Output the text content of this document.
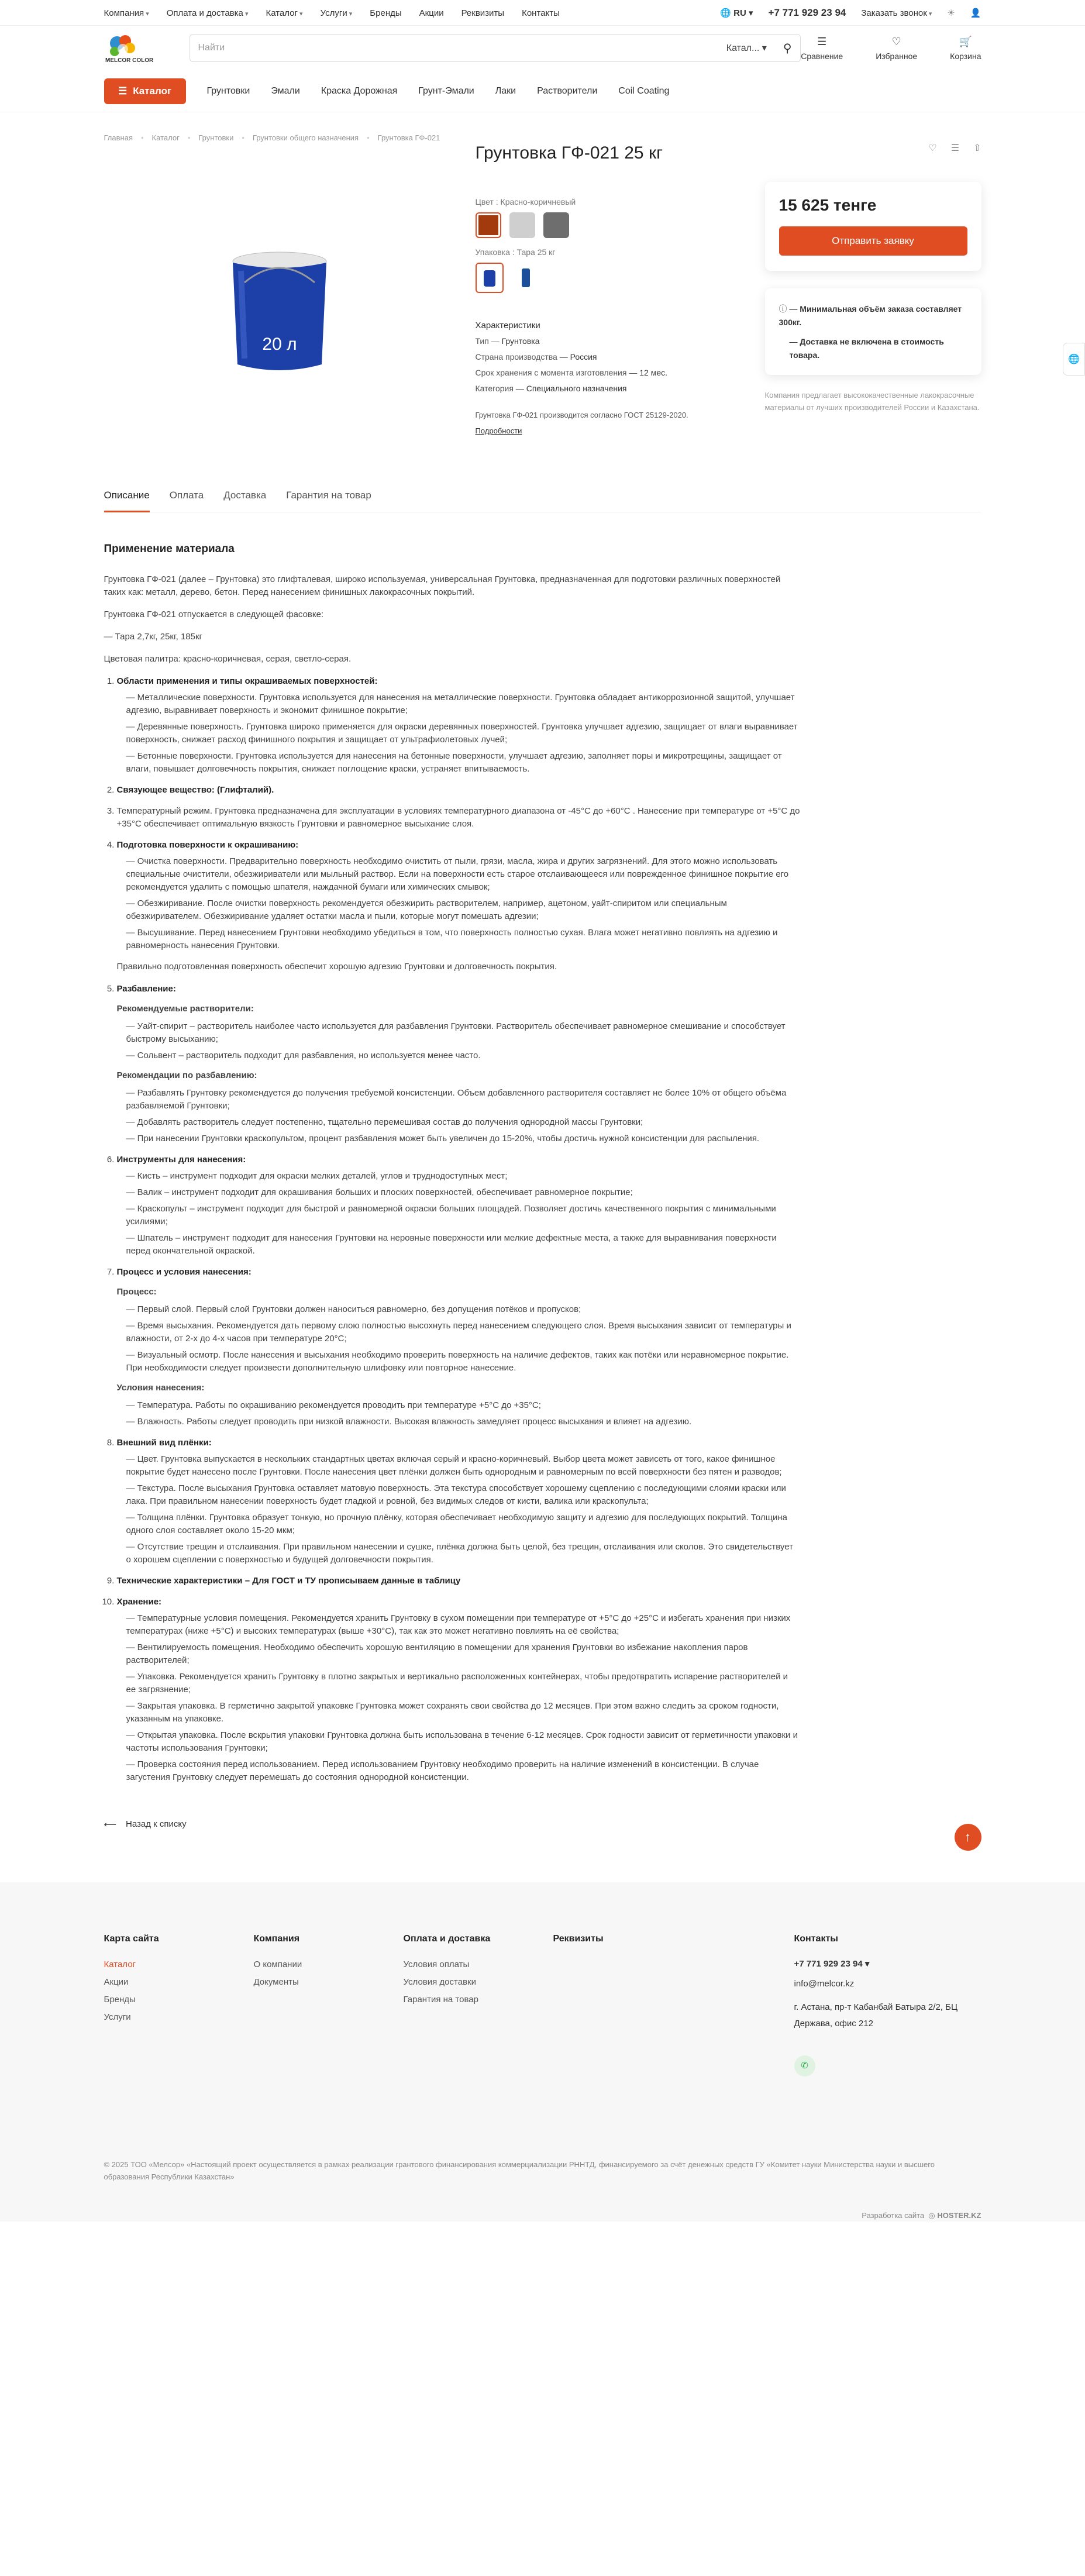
Компания ▾	Оплата и доставка ▾	Каталог ▾	Услуги ▾	Бренды Акции Реквизиты Контакты	🌐 RU ▾ +7 771 929 23 94 Заказать звонок ▾	☀ 👤
MELCOR COLOR
Найти	Катал... ▾ ⚲
☰
Сравнение
♡
Избранное
🛒
Корзина
☰ Каталог	Грунтовки Эмали Краска Дорожная Грунт-Эмали Лаки Растворители Coil Coating
🌐
Главная • Каталог • Грунтовки • Грунтовки общего назначения • Грунтовка ГФ-021
20 л
Грунтовка ГФ-021 25 кг
Цвет : Красно-коричневый
Упаковка : Тара 25 кг
Характеристики
Тип — Грунтовка
Страна производства — Россия
Срок хранения с момента изготовления — 12 мес.
Категория — Специального назначения
Грунтовка ГФ-021 производится согласно ГОСТ 25129-2020.
Подробности
♡ ☰ ⇧
15 625 тенге
Отправить заявку
ⓘ — Минимальная объём заказа составляет 300кг.
— Доставка не включена в стоимость товара.
Компания предлагает высококачественные лакокрасочные материалы от лучших производителей России и Казахстана.
Описание Оплата Доставка Гарантия на товар
Применение материала

Грунтовка ГФ-021 (далее – Грунтовка) это глифталевая, широко используемая, универсальная Грунтовка, предназначенная для подготовки различных поверхностей таких как: металл, дерево, бетон. Перед нанесением финишных лакокрасочных покрытий.

Грунтовка ГФ-021 отпускается в следующей фасовке:

— Тара 2,7кг, 25кг, 185кг

Цветовая палитра: красно-коричневая, серая, светло-серая.

1. Области применения и типы окрашиваемых поверхностей:
— Металлические поверхности. Грунтовка используется для нанесения на металлические поверхности. Грунтовка обладает антикоррозионной защитой, улучшает адгезию, выравнивает поверхность и экономит финишное покрытие;
— Деревянные поверхность. Грунтовка широко применяется для окраски деревянных поверхностей. Грунтовка улучшает адгезию, защищает от влаги выравнивает поверхность, снижает расход финишного покрытия и защищает от ультрафиолетовых лучей;
— Бетонные поверхности. Грунтовка используется для нанесения на бетонные поверхности, улучшает адгезию, заполняет поры и микротрещины, защищает от влаги, повышает долговечность покрытия, снижает поглощение краски, устраняет впитываемость.
2. Связующее вещество: (Глифталий).
3. Температурный режим. Грунтовка предназначена для эксплуатации в условиях температурного диапазона от -45°C до +60°C . Нанесение при температуре от +5°C до +35°C обеспечивает оптимальную вязкость Грунтовки и равномерное высыхание слоя.
4. Подготовка поверхности к окрашиванию:
— Очистка поверхности. Предварительно поверхность необходимо очистить от пыли, грязи, масла, жира и других загрязнений. Для этого можно использовать специальные очистители, обезжириватели или мыльный раствор. Если на поверхности есть старое отслаивающееся или поврежденное финишное покрытие его рекомендуется удалить с помощью шпателя, наждачной бумаги или химических смывок;
— Обезжиривание. После очистки поверхность рекомендуется обезжирить растворителем, например, ацетоном, уайт-спиритом или специальным обезжиривателем. Обезжиривание удаляет остатки масла и пыли, которые могут помешать адгезии;
— Высушивание. Перед нанесением Грунтовки необходимо убедиться в том, что поверхность полностью сухая. Влага может негативно повлиять на адгезию и равномерность нанесения Грунтовки.

Правильно подготовленная поверхность обеспечит хорошую адгезию Грунтовки и долговечность покрытия.

5. Разбавление:
Рекомендуемые растворители:
— Уайт-спирит – растворитель наиболее часто используется для разбавления Грунтовки. Растворитель обеспечивает равномерное смешивание и способствует быстрому высыханию;
— Сольвент – растворитель подходит для разбавления, но используется менее часто.
Рекомендации по разбавлению:
— Разбавлять Грунтовку рекомендуется до получения требуемой консистенции. Объем добавленного растворителя составляет не более 10% от общего объёма разбавляемой Грунтовки;
— Добавлять растворитель следует постепенно, тщательно перемешивая состав до получения однородной массы Грунтовки;
— При нанесении Грунтовки краскопультом, процент разбавления может быть увеличен до 15-20%, чтобы достичь нужной консистенции для распыления.
6. Инструменты для нанесения:
— Кисть – инструмент подходит для окраски мелких деталей, углов и труднодоступных мест;
— Валик – инструмент подходит для окрашивания больших и плоских поверхностей, обеспечивает равномерное покрытие;
— Краскопульт – инструмент подходит для быстрой и равномерной окраски больших площадей. Позволяет достичь качественного покрытия с минимальными усилиями;
— Шпатель – инструмент подходит для нанесения Грунтовки на неровные поверхности или мелкие дефектные места, а также для выравнивания поверхности перед окончательной окраской.
7. Процесс и условия нанесения:
Процесс:
— Первый слой. Первый слой Грунтовки должен наноситься равномерно, без допущения потёков и пропусков;
— Время высыхания. Рекомендуется дать первому слою полностью высохнуть перед нанесением следующего слоя. Время высыхания зависит от температуры и влажности, от 2-х до 4-х часов при температуре 20°C;
— Визуальный осмотр. После нанесения и высыхания необходимо проверить поверхность на наличие дефектов, таких как потёки или неравномерное покрытие. При необходимости следует произвести дополнительную шлифовку или повторное нанесение.
Условия нанесения:
— Температура. Работы по окрашиванию рекомендуется проводить при температуре +5°C до +35°C;
— Влажность. Работы следует проводить при низкой влажности. Высокая влажность замедляет процесс высыхания и влияет на адгезию.
8. Внешний вид плёнки:
— Цвет. Грунтовка выпускается в нескольких стандартных цветах включая серый и красно-коричневый. Выбор цвета может зависеть от того, какое финишное покрытие будет нанесено после Грунтовки. После нанесения цвет плёнки должен быть однородным и равномерным по всей поверхности без пятен и разводов;
— Текстура. После высыхания Грунтовка оставляет матовую поверхность. Эта текстура способствует хорошему сцеплению с последующими слоями краски или лака. При правильном нанесении поверхность будет гладкой и ровной, без видимых следов от кисти, валика или краскопульта;
— Толщина плёнки. Грунтовка образует тонкую, но прочную плёнку, которая обеспечивает необходимую защиту и адгезию для последующих покрытий. Толщина одного слоя составляет около 15-20 мкм;
— Отсутствие трещин и отслаивания. При правильном нанесении и сушке, плёнка должна быть целой, без трещин, отслаивания или сколов. Это свидетельствует о хорошем сцеплении с поверхностью и будущей долговечности покрытия.
9. Технические характеристики – Для ГОСТ и ТУ прописываем данные в таблицу
10. Хранение:
— Температурные условия помещения. Рекомендуется хранить Грунтовку в сухом помещении при температуре от +5°C до +25°C и избегать хранения при низких температурах (ниже +5°C) и высоких температурах (выше +30°C), так как это может негативно повлиять на её свойства;
— Вентилируемость помещения. Необходимо обеспечить хорошую вентиляцию в помещении для хранения Грунтовки во избежание накопления паров растворителей;
— Упаковка. Рекомендуется хранить Грунтовку в плотно закрытых и вертикально расположенных контейнерах, чтобы предотвратить испарение растворителей и ее загрязнение;
— Закрытая упаковка. В герметично закрытой упаковке Грунтовка может сохранять свои свойства до 12 месяцев. При этом важно следить за сроком годности, указанным на упаковке.
— Открытая упаковка. После вскрытия упаковки Грунтовка должна быть использована в течение 6-12 месяцев. Срок годности зависит от герметичности упаковки и частоты использования Грунтовки;
— Проверка состояния перед использованием. Перед использованием Грунтовку необходимо проверить на наличие изменений в консистенции. В случае загустения Грунтовку следует перемешать до состояния однородной консистенции.
⟵ Назад к списку
↑
Карта сайта
Каталог
Акции
Бренды
Услуги
Компания
О компании
Документы
Оплата и доставка
Условия оплаты
Условия доставки
Гарантия на товар
Реквизиты	Контакты
+7 771 929 23 94 ▾
info@melcor.kz
г. Астана, пр-т Кабанбай Батыра 2/2, БЦ Держава, офис 212
✆
© 2025 ТОО «Мелсор» «Настоящий проект осуществляется в рамках реализации грантового финансирования коммерциализации РННТД, финансируемого за счёт денежных средств ГУ «Комитет науки Министерства науки и высшего образования Республики Казахстан»
Разработка сайта ◎ HOSTER.KZ
